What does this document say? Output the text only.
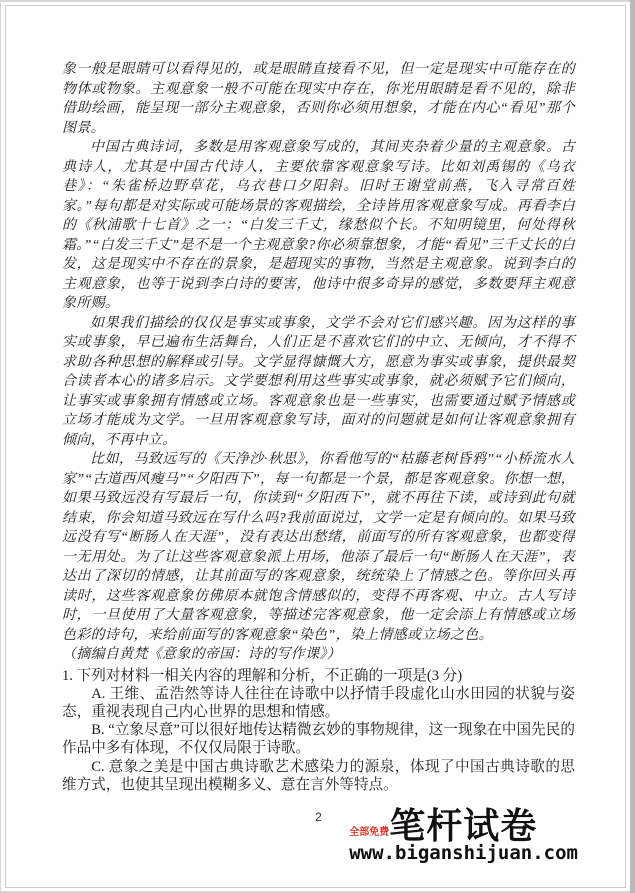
象一般是眼睛可以看得见的，或是眼睛直接看不见，但一定是现实中可能存在的物体或物象。主观意象一般不可能在现实中存在，你光用眼睛是看不见的，除非借助绘画，能呈现一部分主观意象，否则你必须用想象，才能在内心“看见”那个图景。

中国古典诗词，多数是用客观意象写成的，其间夹杂着少量的主观意象。古典诗人，尤其是中国古代诗人，主要依靠客观意象写诗。比如刘禹锡的《乌衣巷》：“朱雀桥边野草花，乌衣巷口夕阳斜。旧时王谢堂前燕，飞入寻常百姓家。”每句都是对实际或可能场景的客观描绘，全诗皆用客观意象写成。再看李白的《秋浦歌十七首》之一：“白发三千丈，缘愁似个长。不知明镜里，何处得秋霜。”“白发三千丈”是不是一个主观意象?你必须靠想象，才能“看见”三千丈长的白发，这是现实中不存在的景象，是超现实的事物，当然是主观意象。说到李白的主观意象，也等于说到李白诗的要害，他诗中很多奇异的感觉，多数要拜主观意象所赐。

如果我们描绘的仅仅是事实或事象，文学不会对它们感兴趣。因为这样的事实或事象，早已遍布生活舞台，人们正是不喜欢它们的中立、无倾向，才不得不求助各种思想的解释或引导。文学显得慷慨大方，愿意为事实或事象，提供最契合读者本心的诸多启示。文学要想利用这些事实或事象，就必须赋予它们倾向，让事实或事象拥有情感或立场。客观意象也是一些事实，也需要通过赋予情感或立场才能成为文学。一旦用客观意象写诗，面对的问题就是如何让客观意象拥有倾向，不再中立。

比如，马致远写的《天净沙·秋思》，你看他写的“枯藤老树昏鸦”“小桥流水人家”“古道西风瘦马”“夕阳西下”，每一句都是一个景，都是客观意象。你想一想，如果马致远没有写最后一句，你读到“夕阳西下”，就不再往下读，或诗到此句就结束，你会知道马致远在写什么吗?我前面说过，文学一定是有倾向的。如果马致远没有写“断肠人在天涯”，没有表达出愁绪，前面写的所有客观意象，也都变得一无用处。为了让这些客观意象派上用场，他添了最后一句“断肠人在天涯”，表达出了深切的情感，让其前面写的客观意象，统统染上了情感之色。等你回头再读时，这些客观意象仿佛原本就饱含情感似的，变得不再客观、中立。古人写诗时，一旦使用了大量客观意象，等描述完客观意象，他一定会添上有情感或立场色彩的诗句，来给前面写的客观意象“染色”，染上情感或立场之色。

（摘编自黄梵《意象的帝国：诗的写作课》）

1. 下列对材料一相关内容的理解和分析，不正确的一项是(3 分)

A. 王维、孟浩然等诗人往往在诗歌中以抒情手段虚化山水田园的状貌与姿态，重视表现自己内心世界的思想和情感。

B. “立象尽意”可以很好地传达精微玄妙的事物规律，这一现象在中国先民的作品中多有体现，不仅仅局限于诗歌。

C. 意象之美是中国古典诗歌艺术感染力的源泉，体现了中国古典诗歌的思维方式，也使其呈现出模糊多义、意在言外等特点。

2
全部免费 笔杆试卷
www.biganshijuan.com
